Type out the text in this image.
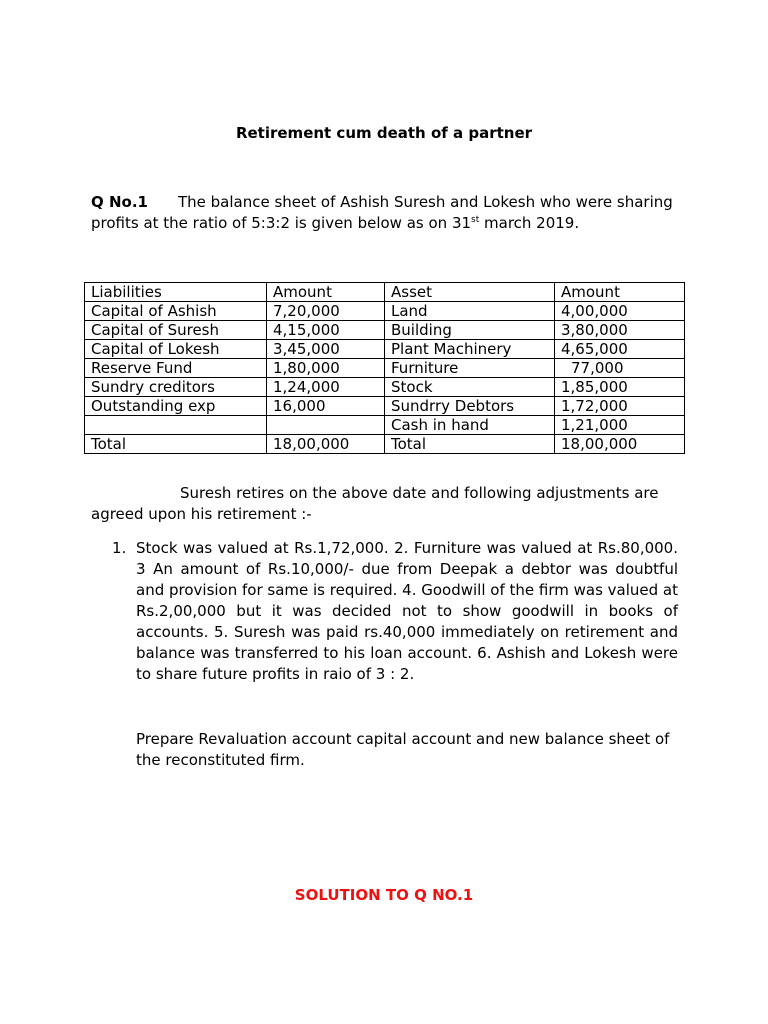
Retirement cum death of a partner
Q No.1 The balance sheet of Ashish Suresh and Lokesh who were sharing profits at the ratio of 5:3:2 is given below as on 31st march 2019.
Liabilities	Amount	Asset	Amount
Capital of Ashish	7,20,000	Land	4,00,000
Capital of Suresh	4,15,000	Building	3,80,000
Capital of Lokesh	3,45,000	Plant Machinery	4,65,000
Reserve Fund	1,80,000	Furniture	77,000
Sundry creditors	1,24,000	Stock	1,85,000
Outstanding exp	16,000	Sundrry Debtors	1,72,000
		Cash in hand	1,21,000
Total	18,00,000	Total	18,00,000
Suresh retires on the above date and following adjustments are agreed upon his retirement :-
1. Stock was valued at Rs.1,72,000. 2. Furniture was valued at Rs.80,000. 3 An amount of Rs.10,000/- due from Deepak a debtor was doubtful and provision for same is required. 4. Goodwill of the firm was valued at Rs.2,00,000 but it was decided not to show goodwill in books of accounts. 5. Suresh was paid rs.40,000 immediately on retirement and balance was transferred to his loan account. 6. Ashish and Lokesh were to share future profits in raio of 3 : 2.
Prepare Revaluation account capital account and new balance sheet of the reconstituted firm.
SOLUTION TO Q NO.1
